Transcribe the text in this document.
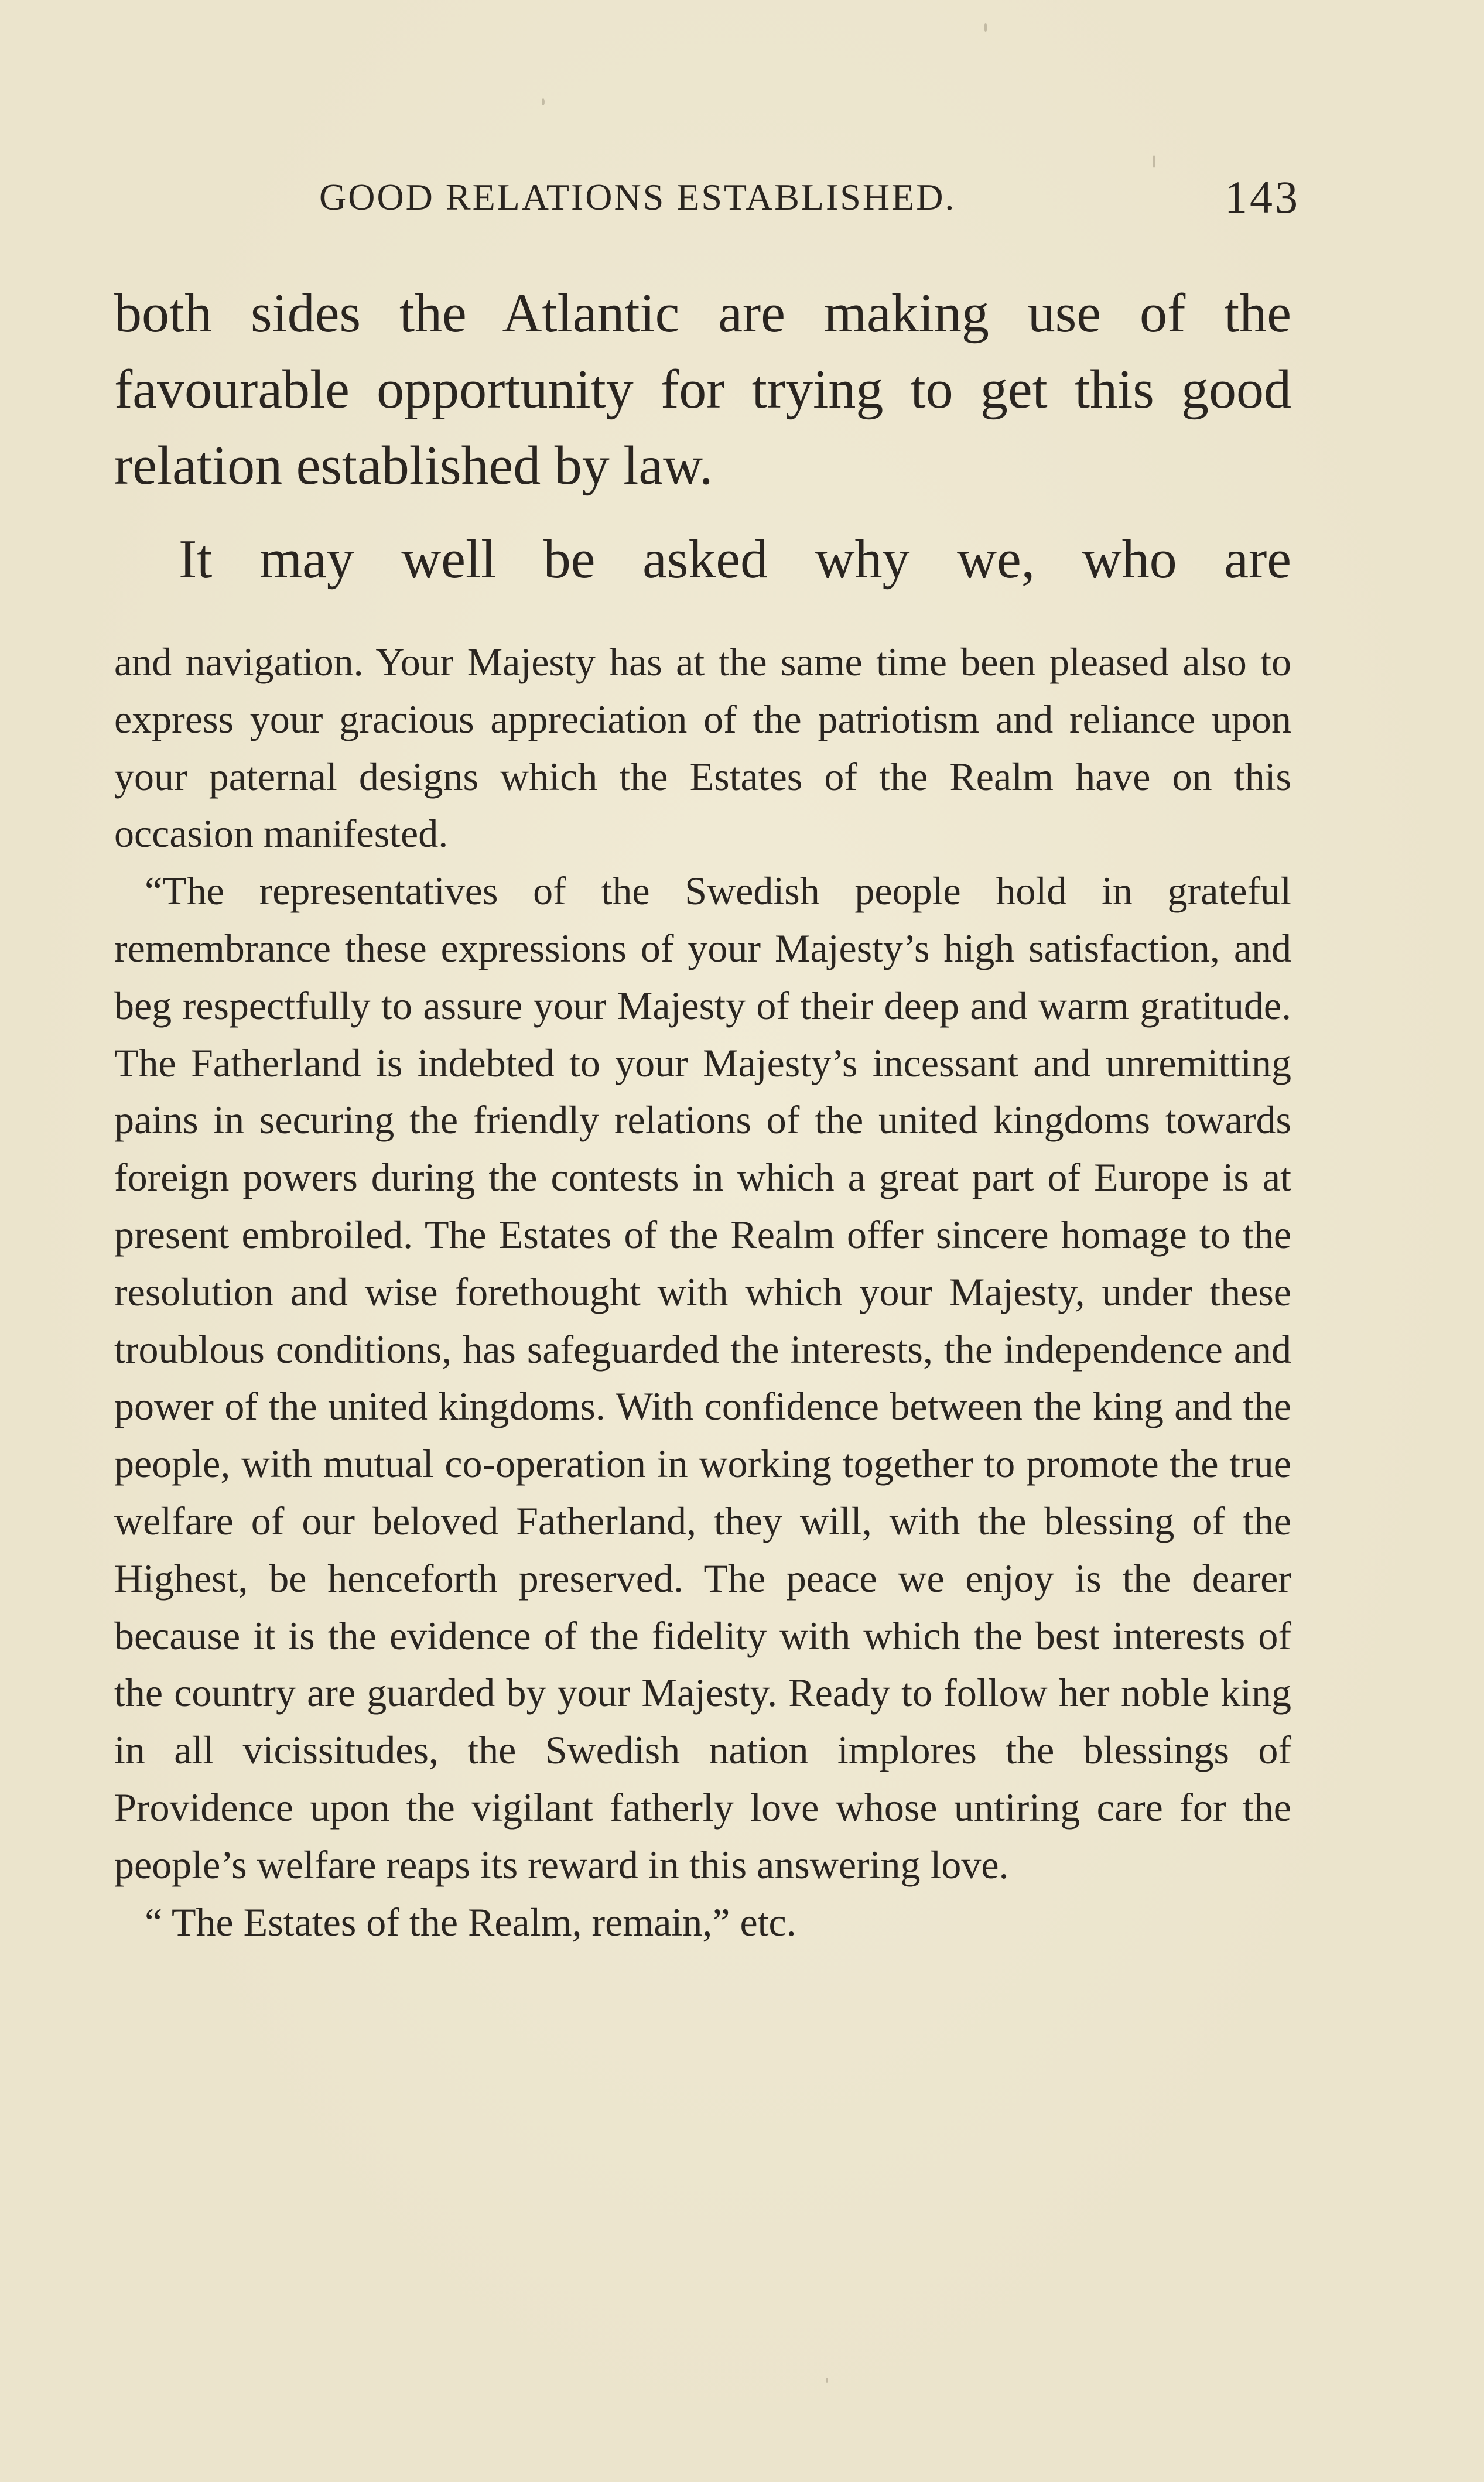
GOOD RELATIONS ESTABLISHED.	143

both sides the Atlantic are making use of the favourable opportunity for trying to get this good relation established by law.

It may well be asked why we, who are

and navigation. Your Majesty has at the same time been pleased also to express your gracious appreciation of the patriotism and reliance upon your paternal designs which the Estates of the Realm have on this occasion manifested.

“The representatives of the Swedish people hold in grateful remembrance these expressions of your Majesty’s high satisfaction, and beg respectfully to assure your Majesty of their deep and warm gratitude. The Fatherland is indebted to your Majesty’s incessant and unremitting pains in securing the friendly relations of the united kingdoms towards foreign powers during the contests in which a great part of Europe is at present embroiled. The Estates of the Realm offer sincere homage to the resolution and wise forethought with which your Majesty, under these troublous conditions, has safeguarded the interests, the independence and power of the united kingdoms. With confidence between the king and the people, with mutual co-operation in working together to promote the true welfare of our beloved Fatherland, they will, with the blessing of the Highest, be henceforth preserved. The peace we enjoy is the dearer because it is the evidence of the fidelity with which the best interests of the country are guarded by your Majesty. Ready to follow her noble king in all vicissitudes, the Swedish nation implores the blessings of Providence upon the vigilant fatherly love whose untiring care for the people’s welfare reaps its reward in this answering love.

“ The Estates of the Realm, remain,” etc.
